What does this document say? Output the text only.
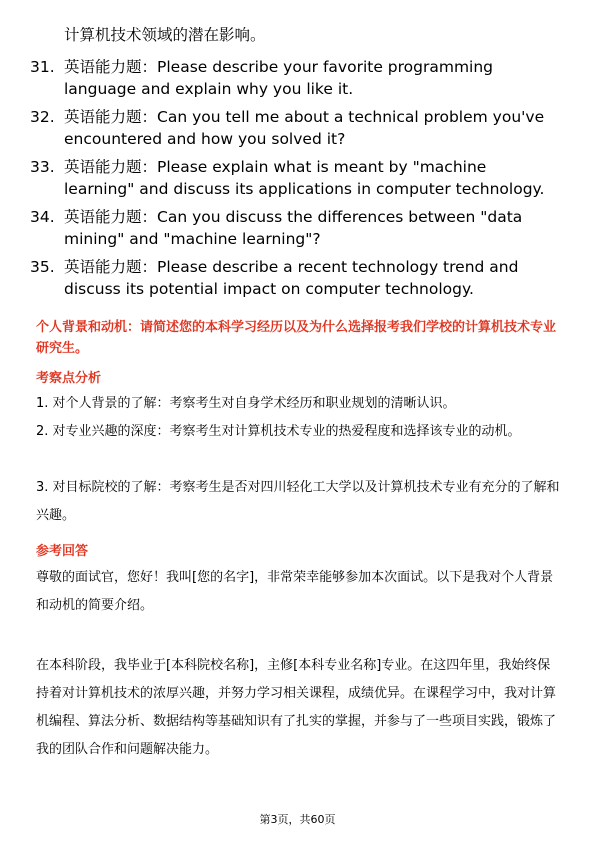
计算机技术领域的潜在影响。
31. 英语能力题：Please describe your favorite programming language and explain why you like it.
32. 英语能力题：Can you tell me about a technical problem you've encountered and how you solved it?
33. 英语能力题：Please explain what is meant by "machine learning" and discuss its applications in computer technology.
34. 英语能力题：Can you discuss the differences between "data mining" and "machine learning"?
35. 英语能力题：Please describe a recent technology trend and discuss its potential impact on computer technology.
个人背景和动机：请简述您的本科学习经历以及为什么选择报考我们学校的计算机技术专业研究生。
考察点分析
1. 对个人背景的了解：考察考生对自身学术经历和职业规划的清晰认识。
2. 对专业兴趣的深度：考察考生对计算机技术专业的热爱程度和选择该专业的动机。
3. 对目标院校的了解：考察考生是否对四川轻化工大学以及计算机技术专业有充分的了解和兴趣。
参考回答
尊敬的面试官，您好！我叫[您的名字]，非常荣幸能够参加本次面试。以下是我对个人背景和动机的简要介绍。
在本科阶段，我毕业于[本科院校名称]，主修[本科专业名称]专业。在这四年里，我始终保持着对计算机技术的浓厚兴趣，并努力学习相关课程，成绩优异。在课程学习中，我对计算机编程、算法分析、数据结构等基础知识有了扎实的掌握，并参与了一些项目实践，锻炼了我的团队合作和问题解决能力。
第3页，共60页
